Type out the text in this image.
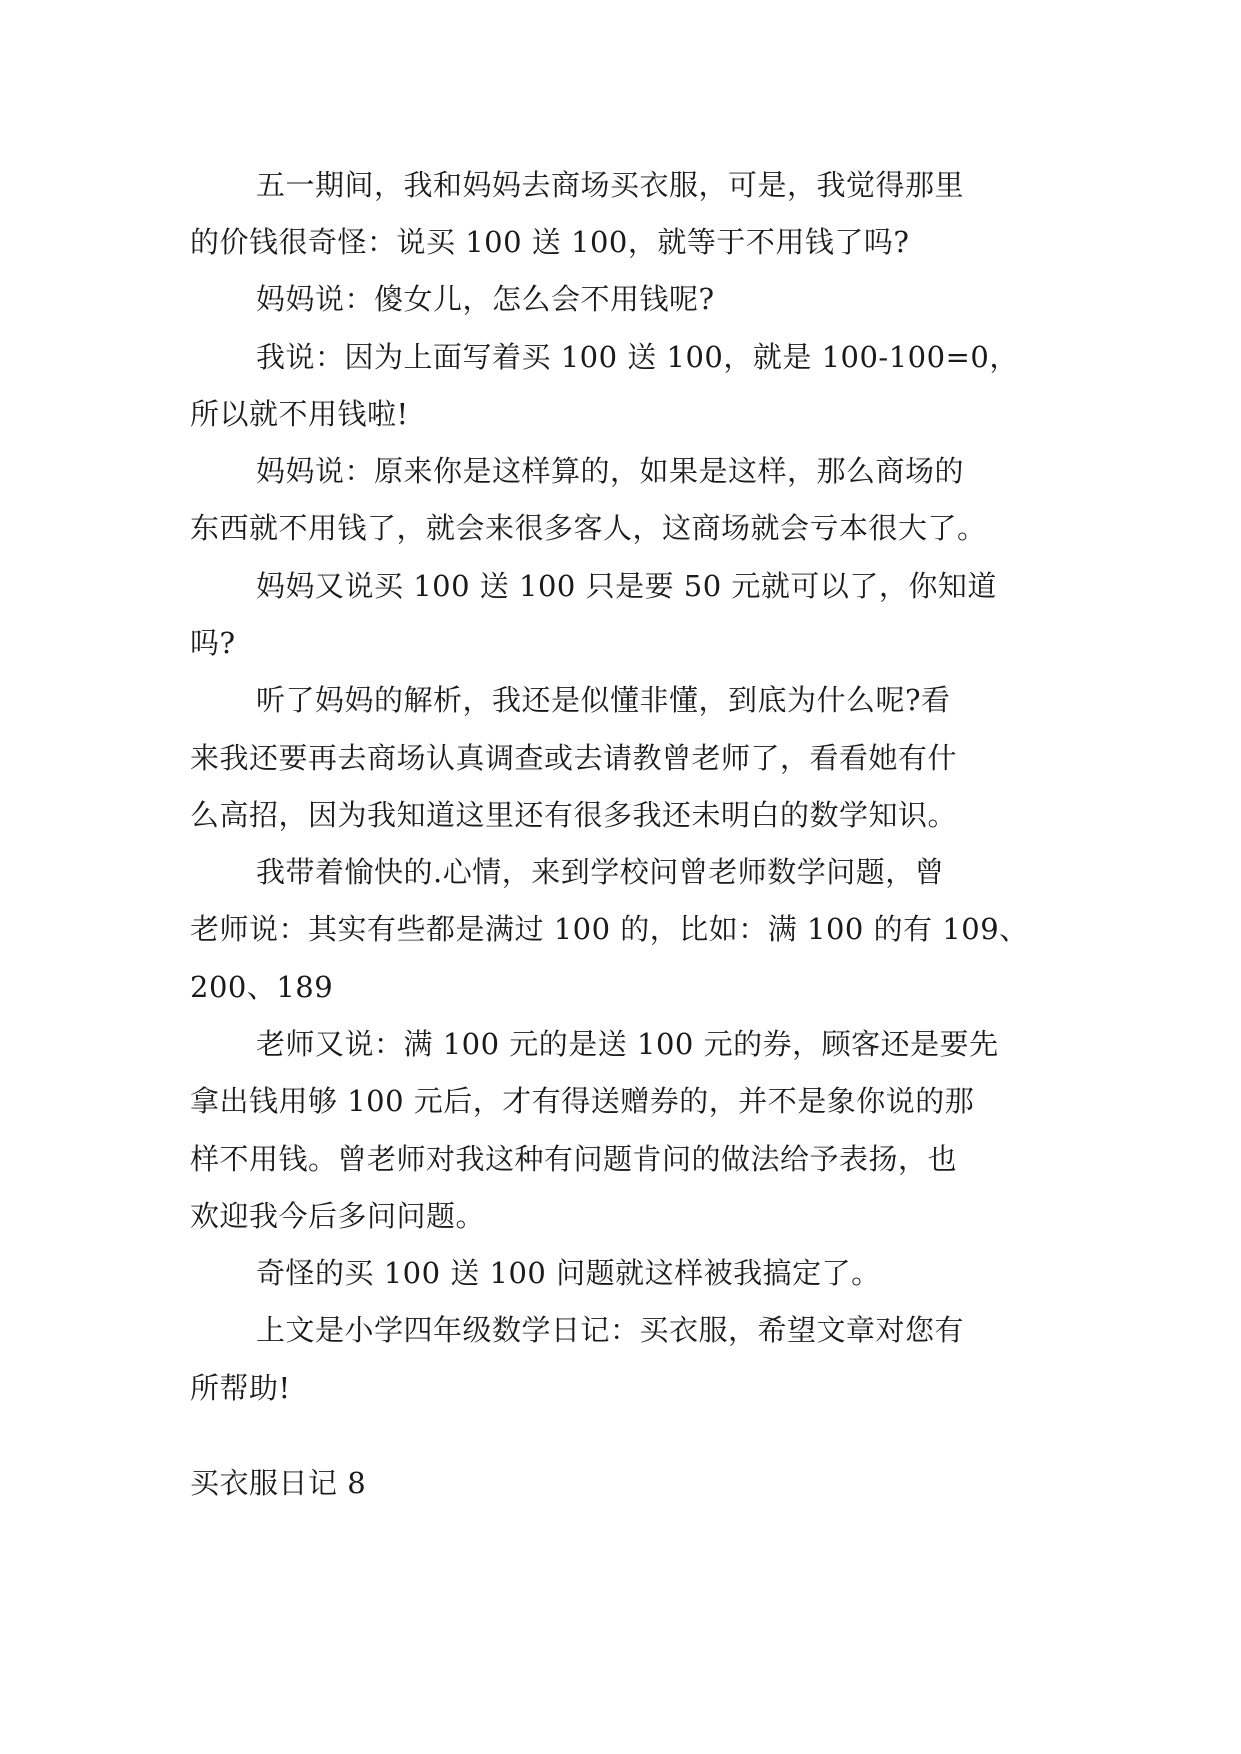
五一期间，我和妈妈去商场买衣服，可是，我觉得那里
的价钱很奇怪：说买 100 送 100，就等于不用钱了吗?
妈妈说：傻女儿，怎么会不用钱呢?
我说：因为上面写着买 100 送 100，就是 100-100=0，
所以就不用钱啦!
妈妈说：原来你是这样算的，如果是这样，那么商场的
东西就不用钱了，就会来很多客人，这商场就会亏本很大了。
妈妈又说买 100 送 100 只是要 50 元就可以了，你知道
吗?
听了妈妈的解析，我还是似懂非懂，到底为什么呢?看
来我还要再去商场认真调查或去请教曾老师了，看看她有什
么高招，因为我知道这里还有很多我还未明白的数学知识。
我带着愉快的.心情，来到学校问曾老师数学问题，曾
老师说：其实有些都是满过 100 的，比如：满 100 的有 109、
200、189
老师又说：满 100 元的是送 100 元的券，顾客还是要先
拿出钱用够 100 元后，才有得送赠券的，并不是象你说的那
样不用钱。曾老师对我这种有问题肯问的做法给予表扬，也
欢迎我今后多问问题。
奇怪的买 100 送 100 问题就这样被我搞定了。
上文是小学四年级数学日记：买衣服，希望文章对您有
所帮助!
买衣服日记 8
